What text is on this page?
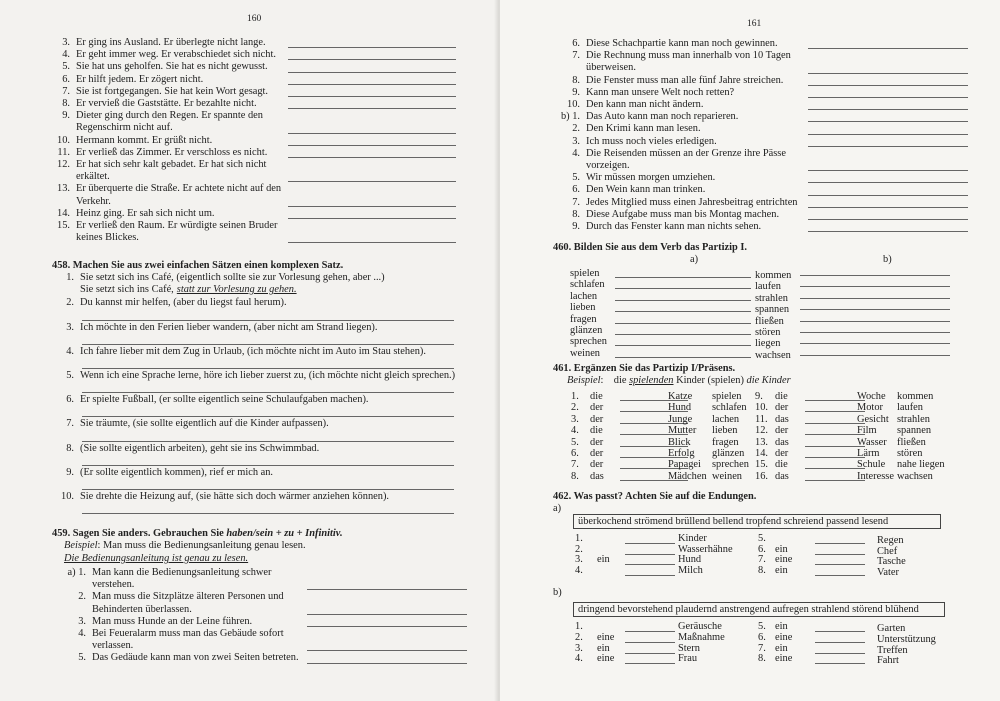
160
3. Er ging ins Ausland. Er überlegte nicht lange.
4. Er geht immer weg. Er verabschiedet sich nicht.
5. Sie hat uns geholfen. Sie hat es nicht gewusst.
6. Er hilft jedem. Er zögert nicht.
7. Sie ist fortgegangen. Sie hat kein Wort gesagt.
8. Er vervieß die Gaststätte. Er bezahlte nicht.
9. Dieter ging durch den Regen. Er spannte den Regenschirm nicht auf.
10. Hermann kommt. Er grüßt nicht.
11. Er verließ das Zimmer. Er verschloss es nicht.
12. Er hat sich sehr kalt gebadet. Er hat sich nicht erkältet.
13. Er überquerte die Straße. Er achtete nicht auf den Verkehr.
14. Heinz ging. Er sah sich nicht um.
15. Er verließ den Raum. Er würdigte seinen Bruder keines Blickes.
458. Machen Sie aus zwei einfachen Sätzen einen komplexen Satz.
1. Sie setzt sich ins Café, (eigentlich sollte sie zur Vorlesung gehen, aber ...)
Sie setzt sich ins Café, statt zur Vorlesung zu gehen.
2. Du kannst mir helfen, (aber du liegst faul herum).
3. Ich möchte in den Ferien lieber wandern, (aber nicht am Strand liegen).
4. Ich fahre lieber mit dem Zug in Urlaub, (ich möchte nicht im Auto im Stau stehen).
5. Wenn ich eine Sprache lerne, höre ich lieber zuerst zu, (ich möchte nicht gleich sprechen.)
6. Er spielte Fußball, (er sollte eigentlich seine Schulaufgaben machen).
7. Sie träumte, (sie sollte eigentlich auf die Kinder aufpassen).
8. (Sie sollte eigentlich arbeiten), geht sie ins Schwimmbad.
9. (Er sollte eigentlich kommen), rief er mich an.
10. Sie drehte die Heizung auf, (sie hätte sich doch wärmer anziehen können).
459. Sagen Sie anders. Gebrauchen Sie haben/sein + zu + Infinitiv.
Beispiel: Man muss die Bedienungsanleitung genau lesen.
Die Bedienungsanleitung ist genau zu lesen.
a) 1. Man kann die Bedienungsanleitung schwer verstehen.
2. Man muss die Sitzplätze älteren Personen und Behinderten überlassen.
3. Man muss Hunde an der Leine führen.
4. Bei Feueralarm muss man das Gebäude sofort verlassen.
5. Das Gedäude kann man von zwei Seiten betreten.
161
6. Diese Schachpartie kann man noch gewinnen.
7. Die Rechnung muss man innerhalb von 10 Tagen überweisen.
8. Die Fenster muss man alle fünf Jahre streichen.
9. Kann man unsere Welt noch retten?
10. Den kann man nicht ändern.
b) 1. Das Auto kann man noch reparieren.
2. Den Krimi kann man lesen.
3. Ich muss noch vieles erledigen.
4. Die Reisenden müssen an der Grenze ihre Pässe vorzeigen.
5. Wir müssen morgen umziehen.
6. Den Wein kann man trinken.
7. Jedes Mitglied muss einen Jahresbeitrag entrichten
8. Diese Aufgabe muss man bis Montag machen.
9. Durch das Fenster kann man nichts sehen.
460. Bilden Sie aus dem Verb das Partizip I.
a)	b)
spielen	kommen
schlafen	laufen
lachen	strahlen
lieben	spannen
fragen	fließen
glänzen	stören
sprechen	liegen
weinen	wachsen
461. Ergänzen Sie das Partizip I/Präsens.
Beispiel:    die spielenden Kinder (spielen) die Kinder
1. die	Katze spielen 9. die	Woche kommen
2. der	Hund schlafen 10. der	Motor laufen
3. der	Junge lachen 11. das	Gesicht strahlen
4. die	Mutter lieben 12. der	Film spannen
5. der	Blick fragen 13. das	Wasser fließen
6. der	Erfolg glänzen 14. der	Lärm stören
7. der	Papagei sprechen 15. die	Schule nahe liegen
8. das	Mädchen weinen 16. das	Interesse wachsen
462. Was passt? Achten Sie auf die Endungen.
a)
überkochend strömend brüllend bellend tropfend schreiend passend lesend
1.	Kinder	5.	Regen
2.	Wasserhähne 6. ein	Chef
3. ein	Hund	7. eine	Tasche
4.	Milch	8. ein	Vater
b)
dringend bevorstehend plaudernd anstrengend aufregen strahlend störend blühend
1.	Geräusche	5. ein	Garten
2. eine	Maßnahme	6. eine	Unterstützung
3. ein	Stern	7. ein	Treffen
4. eine	Frau	8. eine	Fahrt
